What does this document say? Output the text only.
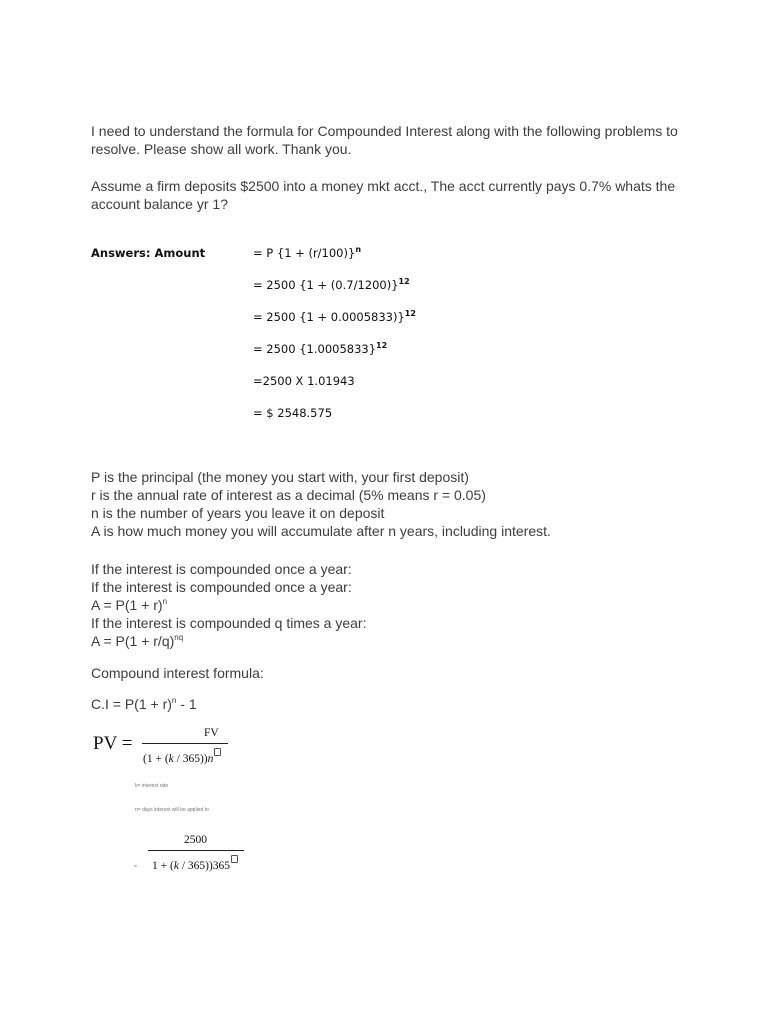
I need to understand the formula for Compounded Interest along with the following problems to
resolve. Please show all work. Thank you.
Assume a firm deposits $2500 into a money mkt acct., The acct currently pays 0.7% whats the
account balance yr 1?
Answers: Amount	= P $\{1 + (r/100)\}^n$
= 2500 $\{1 + (0.7/1200)\}^{12}$
= 2500 $\{1 + 0.0005833)\}^{12}$
= 2500 $\{1.0005833\}^{12}$
=2500 X 1.01943
= $ 2548.575
P is the principal (the money you start with, your first deposit)
r is the annual rate of interest as a decimal (5% means r = 0.05)
n is the number of years you leave it on deposit
A is how much money you will accumulate after n years, including interest.
If the interest is compounded once a year:
If the interest is compounded once a year:
$A = P(1 + r)^n$
If the interest is compounded q times a year:
$A = P(1 + r/q)^{nq}$
Compound interest formula:
$C.I = P(1 + r)^n - 1$
PV =	FV
(1 + (k / 365))n
k= interest rate
n= days interest will be applied to
2500
1 + (k / 365))365
=
